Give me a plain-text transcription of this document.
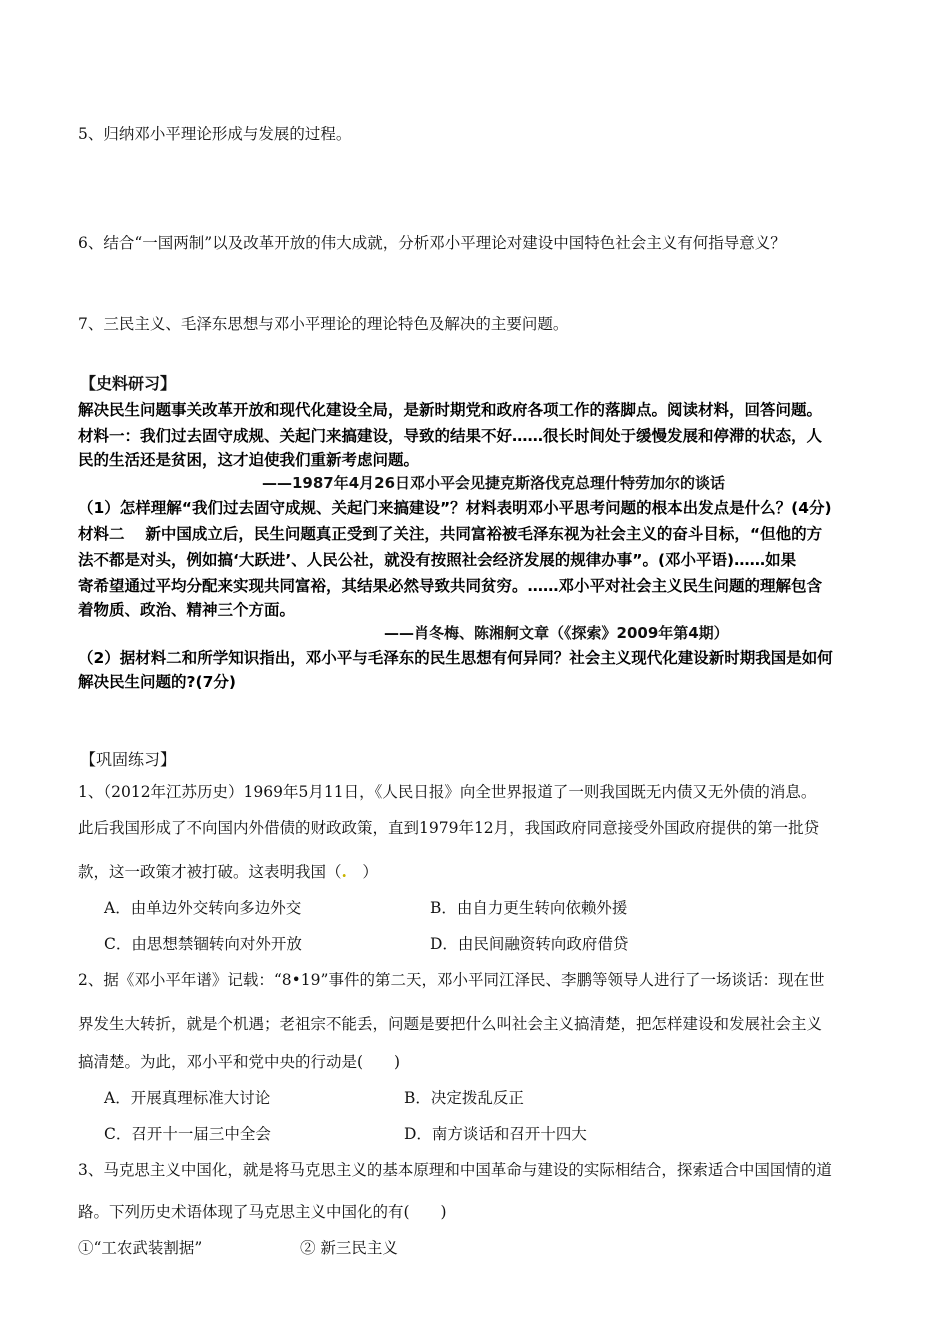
5、归纳邓小平理论形成与发展的过程。
6、结合“一国两制”以及改革开放的伟大成就，分析邓小平理论对建设中国特色社会主义有何指导意义？
7、三民主义、毛泽东思想与邓小平理论的理论特色及解决的主要问题。
【史料研习】
解决民生问题事关改革开放和现代化建设全局，是新时期党和政府各项工作的落脚点。阅读材料，回答问题。
材料一：我们过去固守成规、关起门来搞建设，导致的结果不好……很长时间处于缓慢发展和停滞的状态，人
民的生活还是贫困，这才迫使我们重新考虑问题。
——1987年4月26日邓小平会见捷克斯洛伐克总理什特劳加尔的谈话
（1）怎样理解“我们过去固守成规、关起门来搞建设”？材料表明邓小平思考问题的根本出发点是什么？(4分)
材料二　 新中国成立后，民生问题真正受到了关注，共同富裕被毛泽东视为社会主义的奋斗目标，“但他的方
法不都是对头，例如搞‘大跃进’、人民公社，就没有按照社会经济发展的规律办事”。(邓小平语)……如果
寄希望通过平均分配来实现共同富裕，其结果必然导致共同贫穷。……邓小平对社会主义民生问题的理解包含
着物质、政治、精神三个方面。
——肖冬梅、陈湘舸文章（《探索》2009年第4期）
（2）据材料二和所学知识指出，邓小平与毛泽东的民生思想有何异同？社会主义现代化建设新时期我国是如何
解决民生问题的?(7分)
【巩固练习】
1、（2012年江苏历史）1969年5月11日，《人民日报》向全世界报道了一则我国既无内债又无外债的消息。
此后我国形成了不向国内外借债的财政政策，直到1979年12月，我国政府同意接受外国政府提供的第一批贷
款，这一政策才被打破。这表明我国（.　）
A．由单边外交转向多边外交	B．由自力更生转向依赖外援
C．由思想禁锢转向对外开放	D．由民间融资转向政府借贷
2、据《邓小平年谱》记载：“8•19”事件的第二天，邓小平同江泽民、李鹏等领导人进行了一场谈话：现在世
界发生大转折，就是个机遇；老祖宗不能丢，问题是要把什么叫社会主义搞清楚，把怎样建设和发展社会主义
搞清楚。为此，邓小平和党中央的行动是(　　)
A．开展真理标准大讨论	B．决定拨乱反正
C．召开十一届三中全会	D．南方谈话和召开十四大
3、马克思主义中国化，就是将马克思主义的基本原理和中国革命与建设的实际相结合，探索适合中国国情的道
路。下列历史术语体现了马克思主义中国化的有(　　)
①“工农武装割据”	② 新三民主义
